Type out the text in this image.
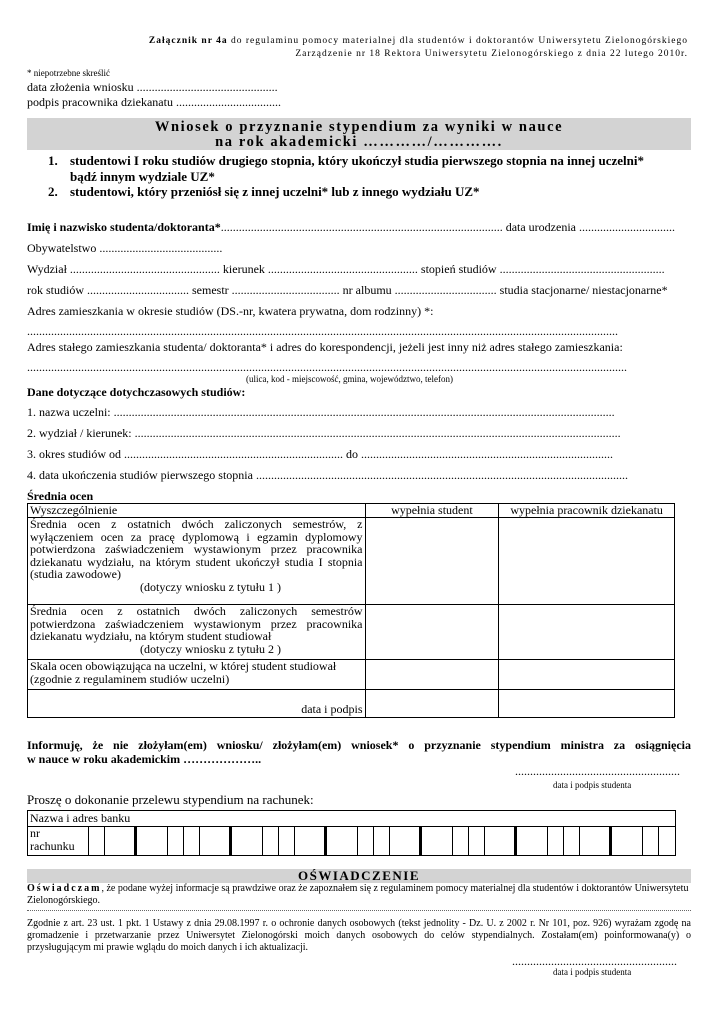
Załącznik nr 4a do regulaminu pomocy materialnej dla studentów i doktorantów Uniwersytetu Zielonogórskiego
Zarządzenie nr 18 Rektora Uniwersytetu Zielonogórskiego z dnia 22 lutego 2010r.
* niepotrzebne skreślić
data złożenia wniosku ...............................................
podpis pracownika dziekanatu ...................................
Wniosek o przyznanie stypendium za wyniki w nauce
na rok akademicki …………/………….
1. studentowi I roku studiów drugiego stopnia, który ukończył studia pierwszego stopnia na innej uczelni*
bądź innym wydziale UZ*
2. studentowi, który przeniósł się z innej uczelni* lub z innego wydziału UZ*
Imię i nazwisko studenta/doktoranta*.............................................................................................. data urodzenia ................................
Obywatelstwo .........................................
Wydział .................................................. kierunek .................................................. stopień studiów .......................................................
rok studiów .................................. semestr .................................... nr albumu .................................. studia stacjonarne/ niestacjonarne*
Adres zamieszkania w okresie studiów (DS.-nr, kwatera prywatna, dom rodzinny) *:
.....................................................................................................................................................................................................
Adres stałego zamieszkania studenta/ doktoranta* i adres do korespondencji, jeżeli jest inny niż adres stałego zamieszkania:
........................................................................................................................................................................................................
(ulica, kod - miejscowość, gmina, województwo, telefon)
Dane dotyczące dotychczasowych studiów:
1. nazwa uczelni: .......................................................................................................................................................................
2. wydział / kierunek: ..................................................................................................................................................................
3. okres studiów od ......................................................................... do ....................................................................................
4. data ukończenia studiów pierwszego stopnia ............................................................................................................................
Średnia ocen
Wyszczególnienie	wypełnia student	wypełnia pracownik dziekanatu

Średnia ocen z ostatnich dwóch zaliczonych semestrów, z wyłączeniem ocen za pracę dyplomową i egzamin dyplomowy potwierdzona zaświadczeniem wystawionym przez pracownika dziekanatu wydziału, na którym student ukończył studia I stopnia (studia zawodowe)
(dotyczy wniosku z tytułu 1 )		

Średnia ocen z ostatnich dwóch zaliczonych semestrów potwierdzona zaświadczeniem wystawionym przez pracownika dziekanatu wydziału, na którym student studiował
(dotyczy wniosku z tytułu 2 )		

Skala ocen obowiązująca na uczelni, w której student studiował (zgodnie z regulaminem studiów uczelni)		

data i podpis		
Informuję, że nie złożyłam(em) wniosku/ złożyłam(em) wniosek* o przyznanie stypendium ministra za osiągnięcia
w nauce w roku akademickim ………………..
.......................................................
data i podpis studenta
Proszę o dokonanie przelewu stypendium na rachunek:
Nazwa i adres banku
nr
rachunku																									
OŚWIADCZENIE
Oświadczam, że podane wyżej informacje są prawdziwe oraz że zapoznałem się z regulaminem pomocy materialnej dla studentów i doktorantów Uniwersytetu Zielonogórskiego.
Zgodnie z art. 23 ust. 1 pkt. 1 Ustawy z dnia 29.08.1997 r. o ochronie danych osobowych (tekst jednolity - Dz. U. z 2002 r. Nr 101, poz. 926) wyrażam zgodę na gromadzenie i przetwarzanie przez Uniwersytet Zielonogórski moich danych osobowych do celów stypendialnych. Zostałam(em) poinformowana(y) o przysługującym mi prawie wglądu do moich danych i ich aktualizacji.
.......................................................
data i podpis studenta
